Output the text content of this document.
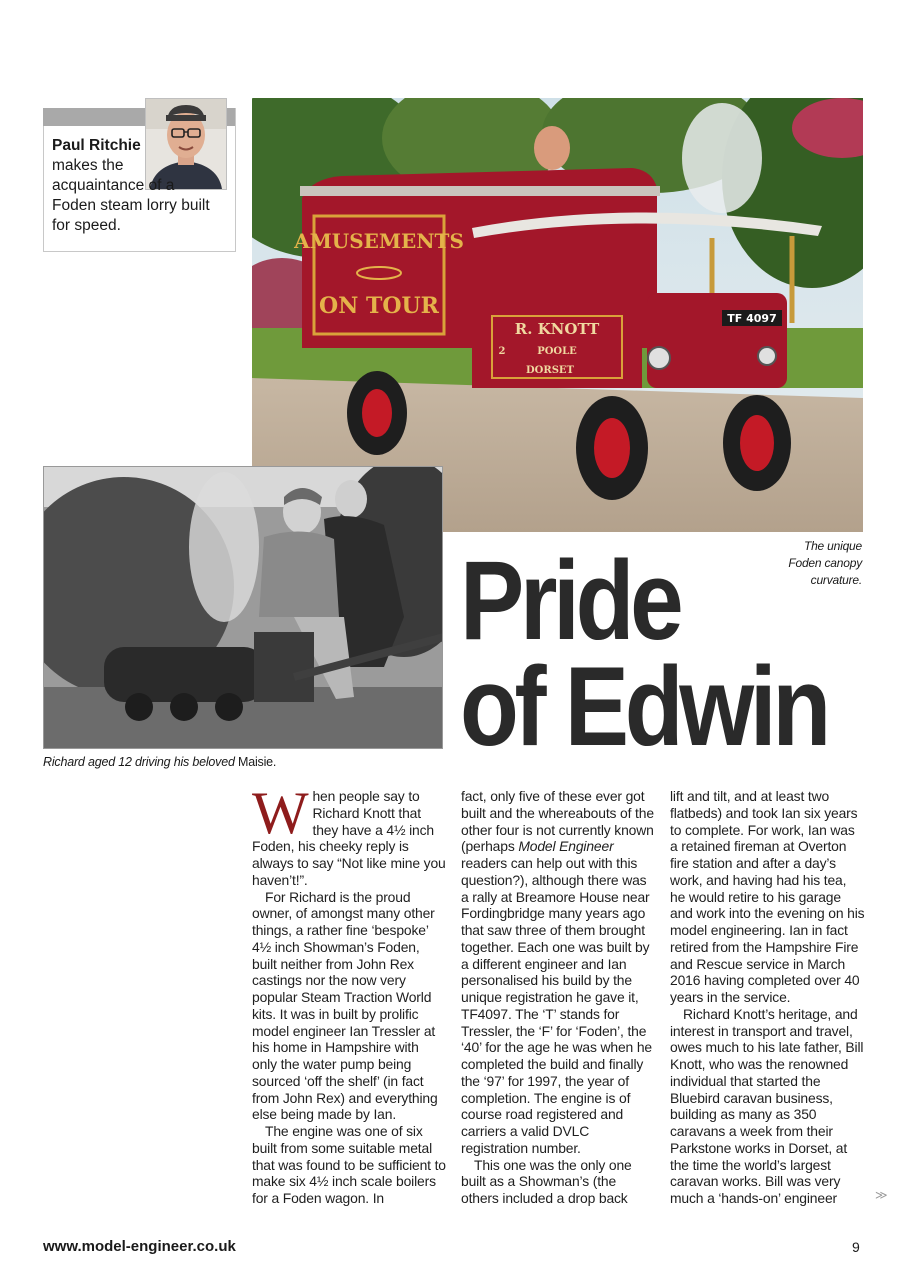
Paul Ritchie
makes the acquaintance of a Foden steam lorry built for speed.
AMUSEMENTS
ON TOUR
R. KNOTT
POOLE
DORSET
2
TF 4097
The unique
Foden canopy
curvature.
Richard aged 12 driving his beloved Maisie.
Pride
of Edwin

When people say to Richard Knott that they have a 4½ inch Foden, his cheeky reply is always to say “Not like mine you haven’t!”.

For Richard is the proud owner, of amongst many other things, a rather fine ‘bespoke’ 4½ inch Showman’s Foden, built neither from John Rex castings nor the now very popular Steam Traction World kits. It was in built by prolific model engineer Ian Tressler at his home in Hampshire with only the water pump being sourced ‘off the shelf’ (in fact from John Rex) and everything else being made by Ian.

The engine was one of six built from some suitable metal that was found to be sufficient to make six 4½ inch scale boilers for a Foden wagon. In

fact, only five of these ever got built and the whereabouts of the other four is not currently known (perhaps Model Engineer readers can help out with this question?), although there was a rally at Breamore House near Fordingbridge many years ago that saw three of them brought together. Each one was built by a different engineer and Ian personalised his build by the unique registration he gave it, TF4097. The ‘T’ stands for Tressler, the ‘F’ for ‘Foden’, the ‘40’ for the age he was when he completed the build and finally the ‘97’ for 1997, the year of completion. The engine is of course road registered and carriers a valid DVLC registration number.

This one was the only one built as a Showman’s (the others included a drop back

lift and tilt, and at least two flatbeds) and took Ian six years to complete. For work, Ian was a retained fireman at Overton fire station and after a day’s work, and having had his tea, he would retire to his garage and work into the evening on his model engineering. Ian in fact retired from the Hampshire Fire and Rescue service in March 2016 having completed over 40 years in the service.

Richard Knott’s heritage, and interest in transport and travel, owes much to his late father, Bill Knott, who was the renowned individual that started the Bluebird caravan business, building as many as 350 caravans a week from their Parkstone works in Dorset, at the time the world’s largest caravan works. Bill was very much a ‘hands-on’ engineer	≫
www.model-engineer.co.uk	9
